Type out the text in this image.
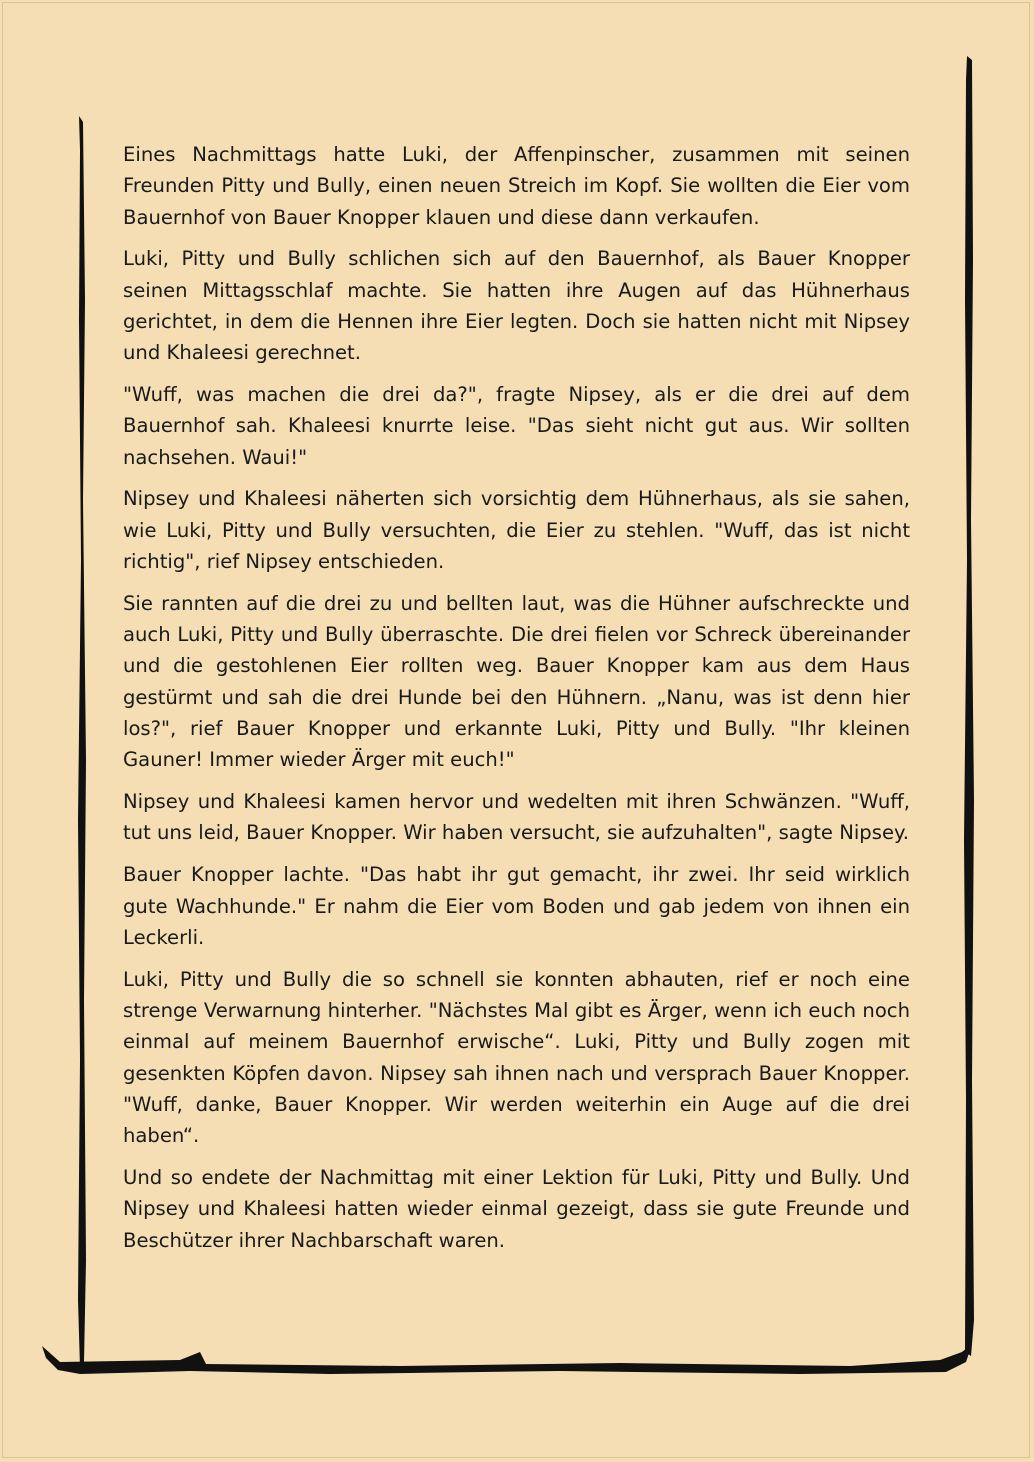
Eines Nachmittags hatte Luki, der Affenpinscher, zusammen mit seinen Freunden Pitty und Bully, einen neuen Streich im Kopf. Sie wollten die Eier vom Bauernhof von Bauer Knopper klauen und diese dann verkaufen.

Luki, Pitty und Bully schlichen sich auf den Bauernhof, als Bauer Knopper seinen Mittagsschlaf machte. Sie hatten ihre Augen auf das Hühnerhaus gerichtet, in dem die Hennen ihre Eier legten. Doch sie hatten nicht mit Nipsey und Khaleesi gerechnet.

"Wuff, was machen die drei da?", fragte Nipsey, als er die drei auf dem Bauernhof sah. Khaleesi knurrte leise. "Das sieht nicht gut aus. Wir sollten nachsehen. Waui!"

Nipsey und Khaleesi näherten sich vorsichtig dem Hühnerhaus, als sie sahen, wie Luki, Pitty und Bully versuchten, die Eier zu stehlen. "Wuff, das ist nicht richtig", rief Nipsey entschieden.

Sie rannten auf die drei zu und bellten laut, was die Hühner aufschreckte und auch Luki, Pitty und Bully überraschte. Die drei fielen vor Schreck übereinander und die gestohlenen Eier rollten weg. Bauer Knopper kam aus dem Haus gestürmt und sah die drei Hunde bei den Hühnern. „Nanu, was ist denn hier los?", rief Bauer Knopper und erkannte Luki, Pitty und Bully. "Ihr kleinen Gauner! Immer wieder Ärger mit euch!"

Nipsey und Khaleesi kamen hervor und wedelten mit ihren Schwänzen. "Wuff, tut uns leid, Bauer Knopper. Wir haben versucht, sie aufzuhalten", sagte Nipsey.

Bauer Knopper lachte. "Das habt ihr gut gemacht, ihr zwei. Ihr seid wirklich gute Wachhunde." Er nahm die Eier vom Boden und gab jedem von ihnen ein Leckerli.

Luki, Pitty und Bully die so schnell sie konnten abhauten, rief er noch eine strenge Verwarnung hinterher. "Nächstes Mal gibt es Ärger, wenn ich euch noch einmal auf meinem Bauernhof erwische“. Luki, Pitty und Bully zogen mit gesenkten Köpfen davon. Nipsey sah ihnen nach und versprach Bauer Knopper. "Wuff, danke, Bauer Knopper. Wir werden weiterhin ein Auge auf die drei haben“.

Und so endete der Nachmittag mit einer Lektion für Luki, Pitty und Bully. Und Nipsey und Khaleesi hatten wieder einmal gezeigt, dass sie gute Freunde und Beschützer ihrer Nachbarschaft waren.
